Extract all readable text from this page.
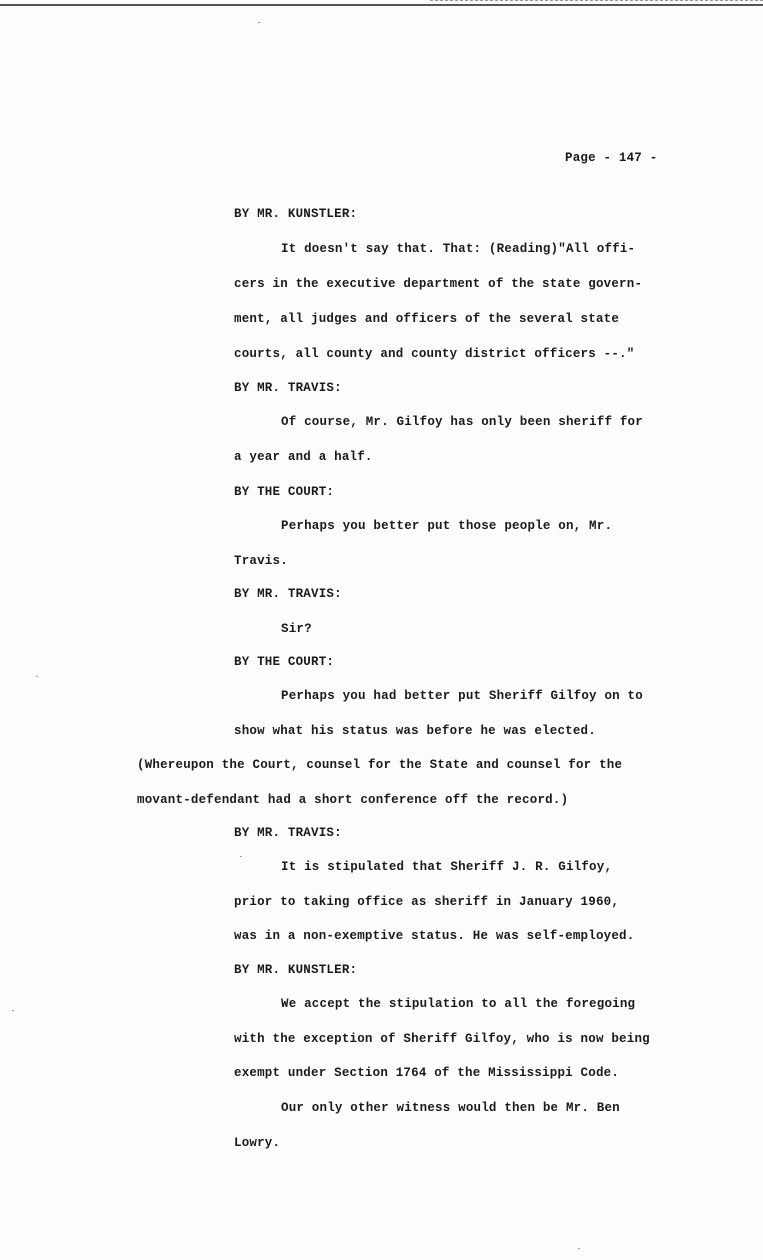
Page - 147 -
BY MR. KUNSTLER:
It doesn't say that. That: (Reading)"All offi-
cers in the executive department of the state govern-
ment, all judges and officers of the several state
courts, all county and county district officers --."
BY MR. TRAVIS:
Of course, Mr. Gilfoy has only been sheriff for
a year and a half.
BY THE COURT:
Perhaps you better put those people on, Mr.
Travis.
BY MR. TRAVIS:
Sir?
BY THE COURT:
Perhaps you had better put Sheriff Gilfoy on to
show what his status was before he was elected.
(Whereupon the Court, counsel for the State and counsel for the
movant-defendant had a short conference off the record.)
BY MR. TRAVIS:
It is stipulated that Sheriff J. R. Gilfoy,
prior to taking office as sheriff in January 1960,
was in a non-exemptive status. He was self-employed.
BY MR. KUNSTLER:
We accept the stipulation to all the foregoing
with the exception of Sheriff Gilfoy, who is now being
exempt under Section 1764 of the Mississippi Code.
Our only other witness would then be Mr. Ben
Lowry.
